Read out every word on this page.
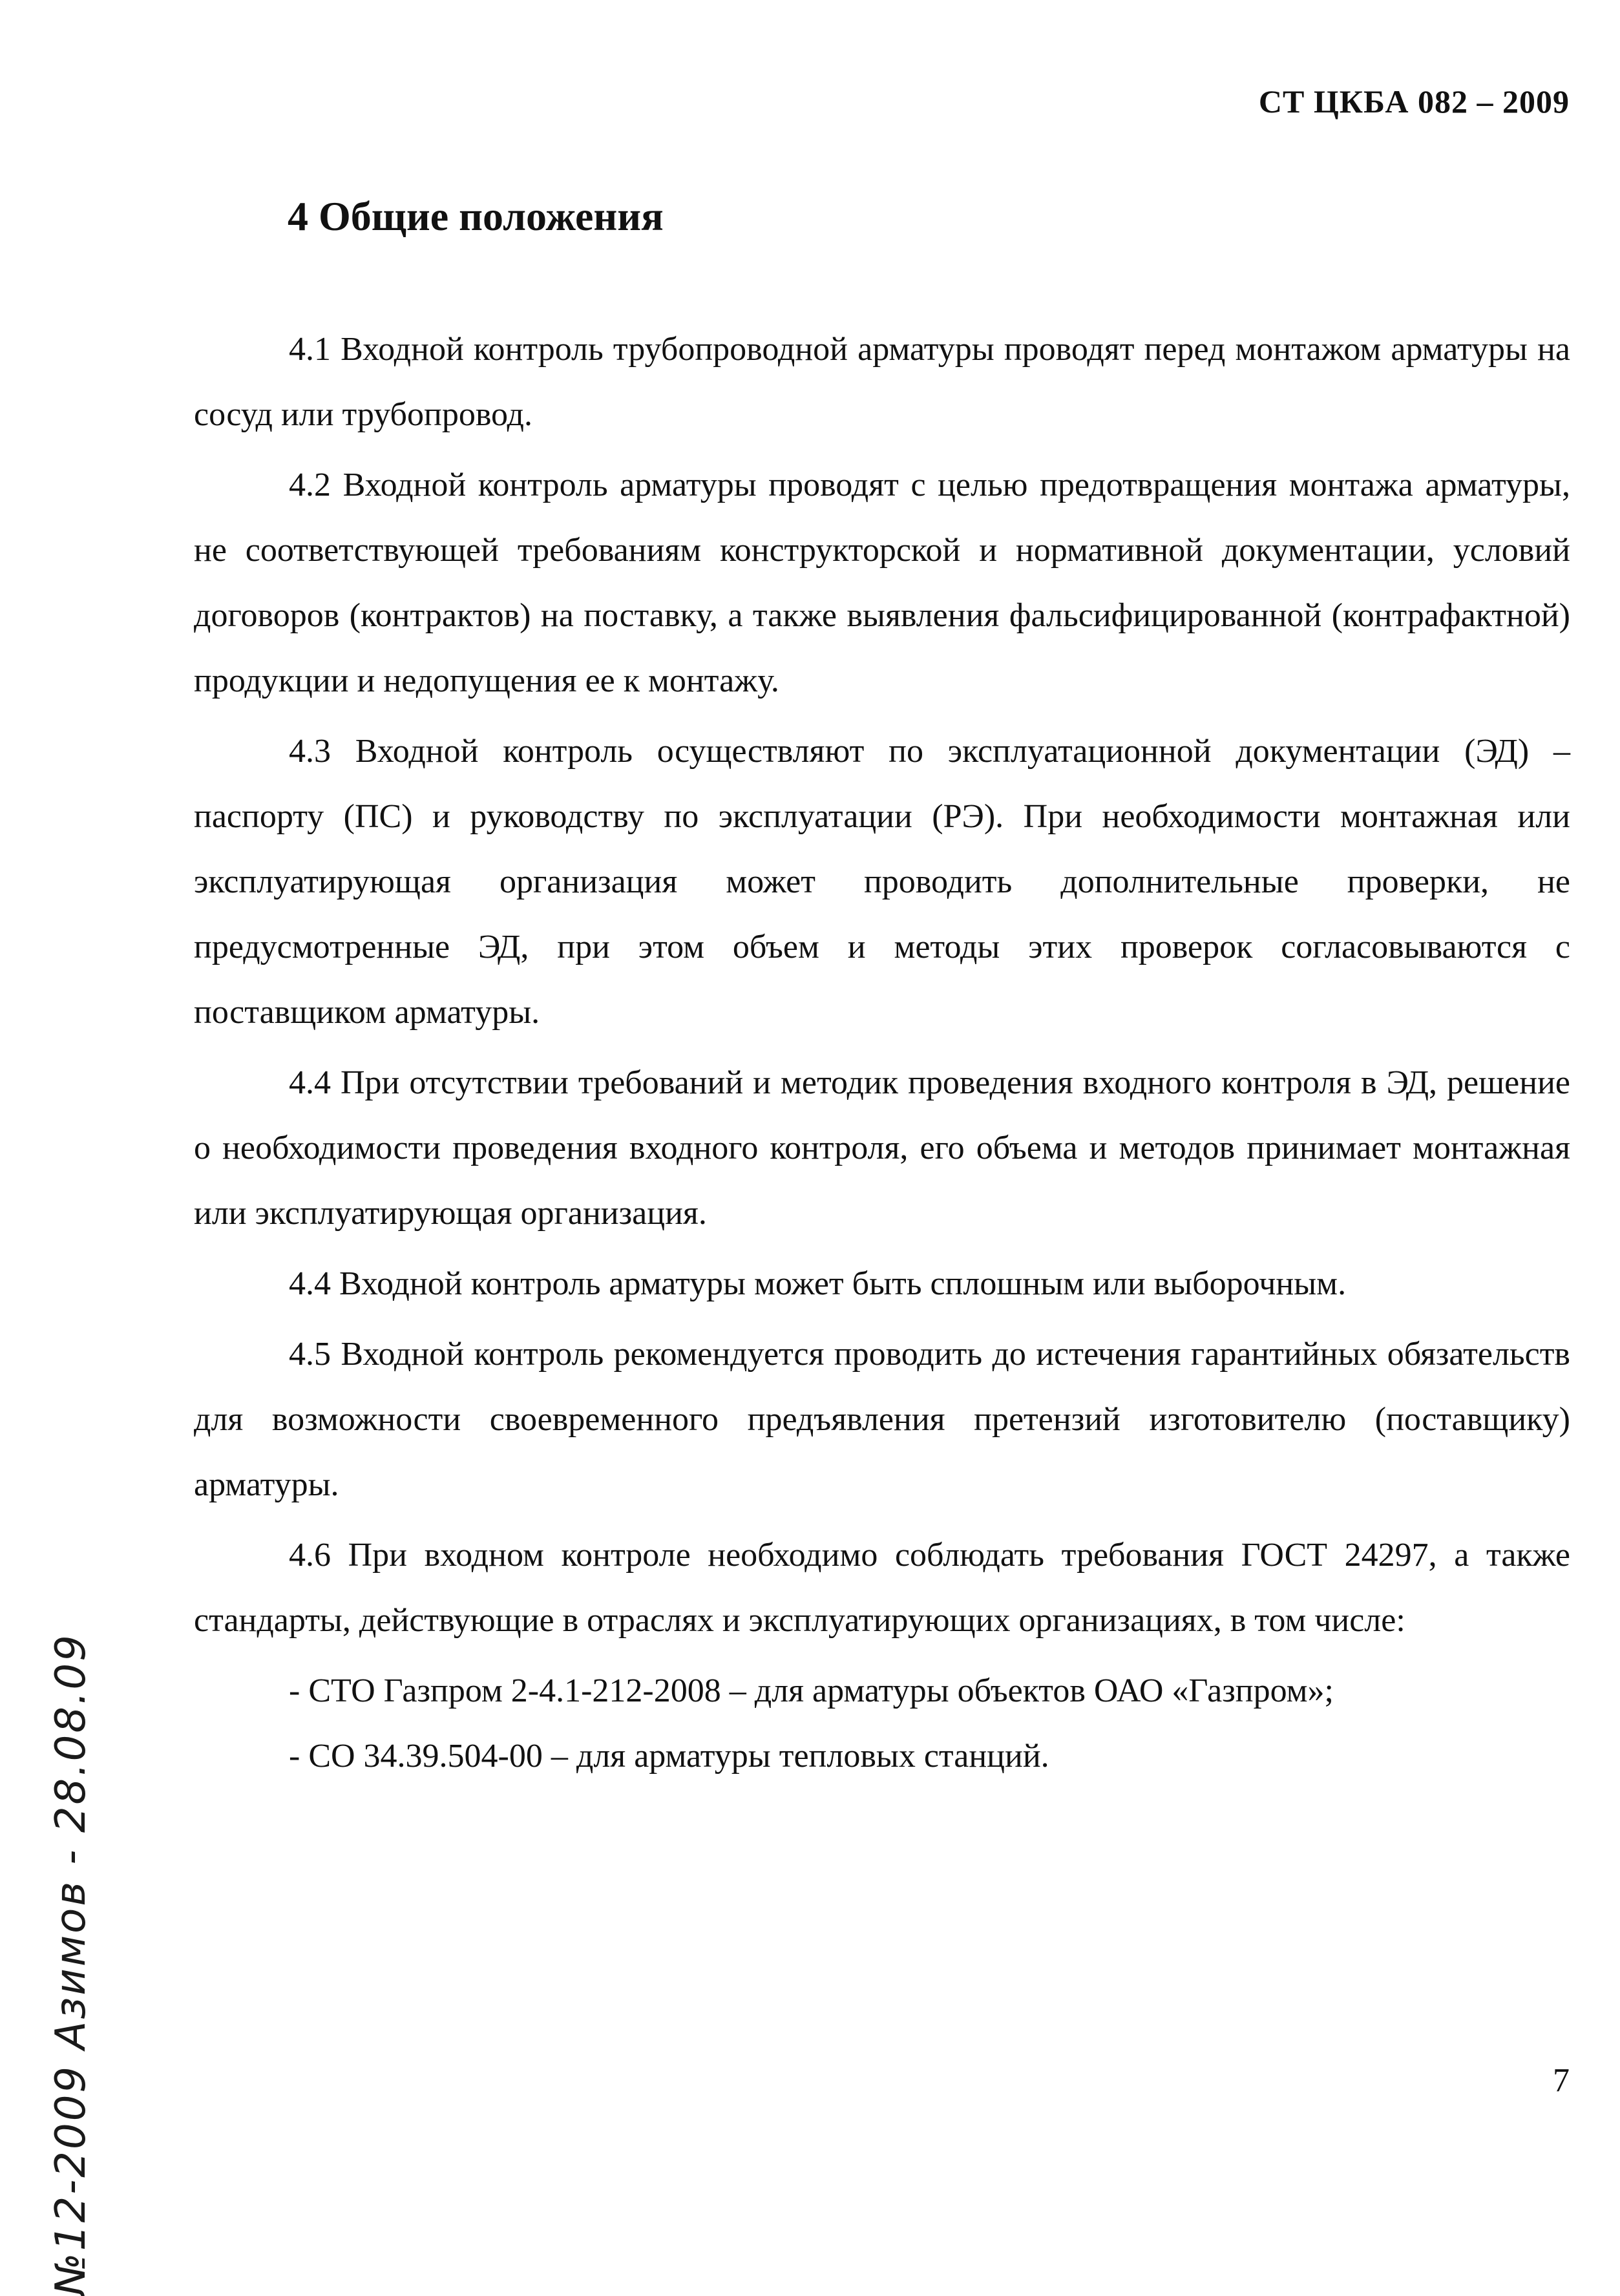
СТ ЦКБА 082 – 2009
4 Общие положения

4.1 Входной контроль трубопроводной арматуры проводят перед монтажом арматуры на сосуд или трубопровод.

4.2 Входной контроль арматуры проводят с целью предотвращения монтажа арматуры, не соответствующей требованиям конструкторской и нормативной документации, условий договоров (контрактов) на поставку, а также выявления фальсифицированной (контрафактной) продукции и недопущения ее к монтажу.

4.3 Входной контроль осуществляют по эксплуатационной документации (ЭД) – паспорту (ПС) и руководству по эксплуатации (РЭ). При необходимости монтажная или эксплуатирующая организация может проводить дополнительные проверки, не предусмотренные ЭД, при этом объем и методы этих проверок согласовываются с поставщиком арматуры.

4.4 При отсутствии требований и методик проведения входного контроля в ЭД, решение о необходимости проведения входного контроля, его объема и методов принимает монтажная или эксплуатирующая организация.

4.4 Входной контроль арматуры может быть сплошным или выборочным.

4.5 Входной контроль рекомендуется проводить до истечения гарантийных обязательств для возможности своевременного предъявления претензий изготовителю (поставщику) арматуры.

4.6 При входном контроле необходимо соблюдать требования ГОСТ 24297, а также стандарты, действующие в отраслях и эксплуатирующих организациях, в том числе:

- СТО Газпром 2-4.1-212-2008 – для арматуры объектов ОАО «Газпром»;

- СО 34.39.504-00 – для арматуры тепловых станций.

№12-2009 Азимов - 28.08.09	7
